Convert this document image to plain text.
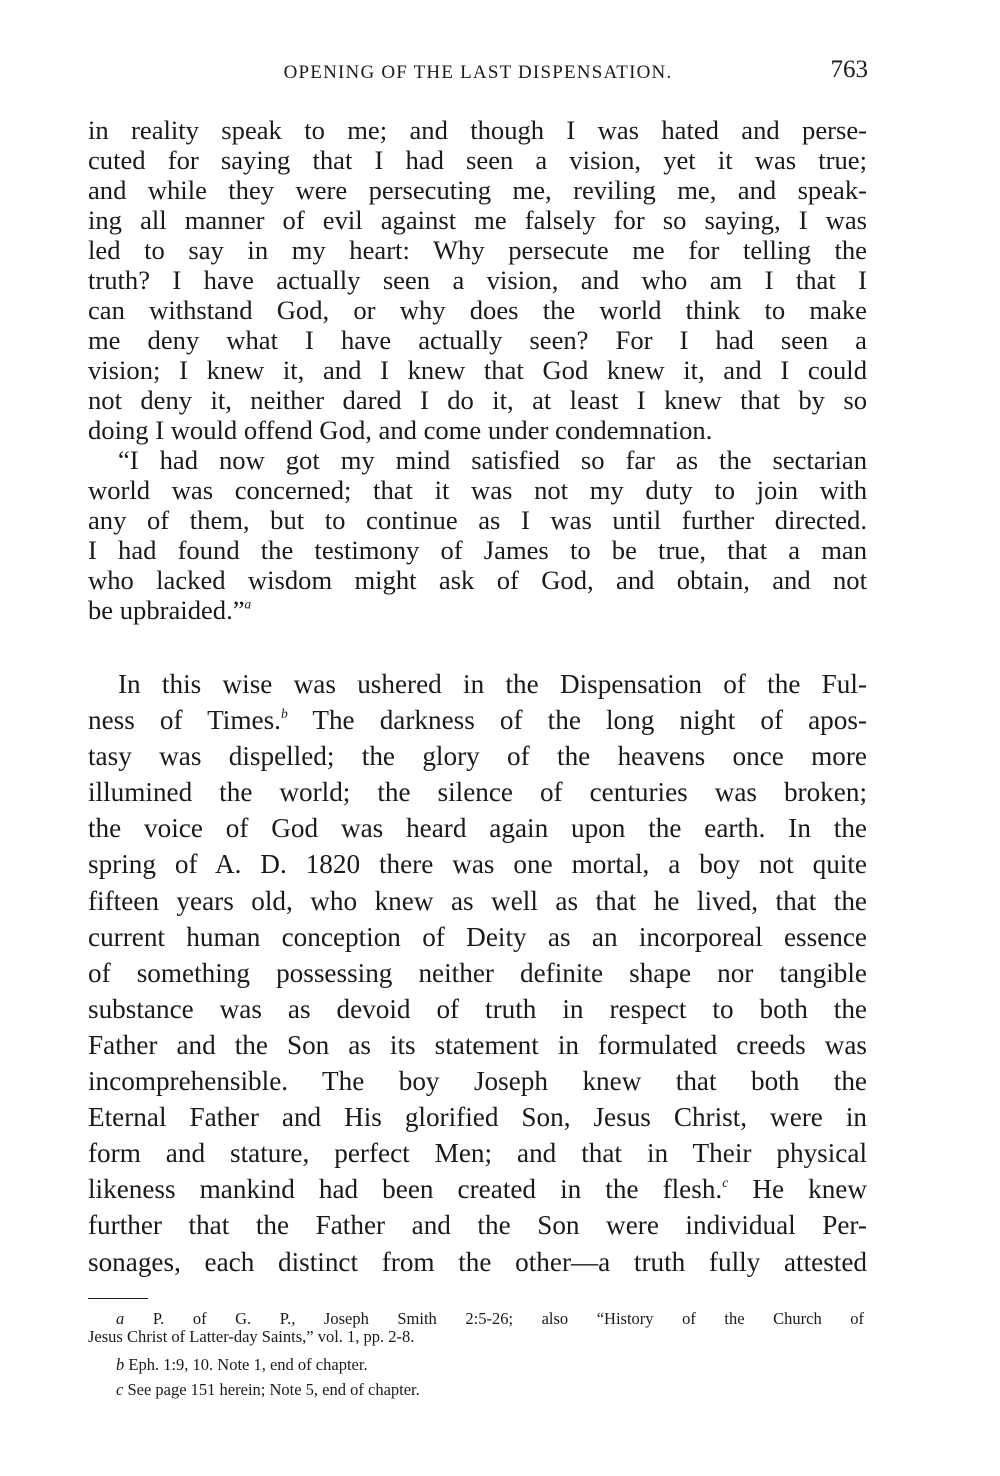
OPENING OF THE LAST DISPENSATION.	763
in reality speak to me; and though I was hated and perse-
cuted for saying that I had seen a vision, yet it was true;
and while they were persecuting me, reviling me, and speak-
ing all manner of evil against me falsely for so saying, I was
led to say in my heart: Why persecute me for telling the
truth? I have actually seen a vision, and who am I that I
can withstand God, or why does the world think to make
me deny what I have actually seen? For I had seen a
vision; I knew it, and I knew that God knew it, and I could
not deny it, neither dared I do it, at least I knew that by so
doing I would offend God, and come under condemnation.
“I had now got my mind satisfied so far as the sectarian
world was concerned; that it was not my duty to join with
any of them, but to continue as I was until further directed.
I had found the testimony of James to be true, that a man
who lacked wisdom might ask of God, and obtain, and not
be upbraided.”$^a$
In this wise was ushered in the Dispensation of the Ful-
ness of Times.$^b$ The darkness of the long night of apos-
tasy was dispelled; the glory of the heavens once more
illumined the world; the silence of centuries was broken;
the voice of God was heard again upon the earth. In the
spring of A. D. 1820 there was one mortal, a boy not quite
fifteen years old, who knew as well as that he lived, that the
current human conception of Deity as an incorporeal essence
of something possessing neither definite shape nor tangible
substance was as devoid of truth in respect to both the
Father and the Son as its statement in formulated creeds was
incomprehensible. The boy Joseph knew that both the
Eternal Father and His glorified Son, Jesus Christ, were in
form and stature, perfect Men; and that in Their physical
likeness mankind had been created in the flesh.$^c$ He knew
further that the Father and the Son were individual Per-
sonages, each distinct from the other—a truth fully attested
a P. of G. P., Joseph Smith 2:5-26; also “History of the Church of
Jesus Christ of Latter-day Saints,” vol. 1, pp. 2-8.
b Eph. 1:9, 10. Note 1, end of chapter.
c See page 151 herein; Note 5, end of chapter.
